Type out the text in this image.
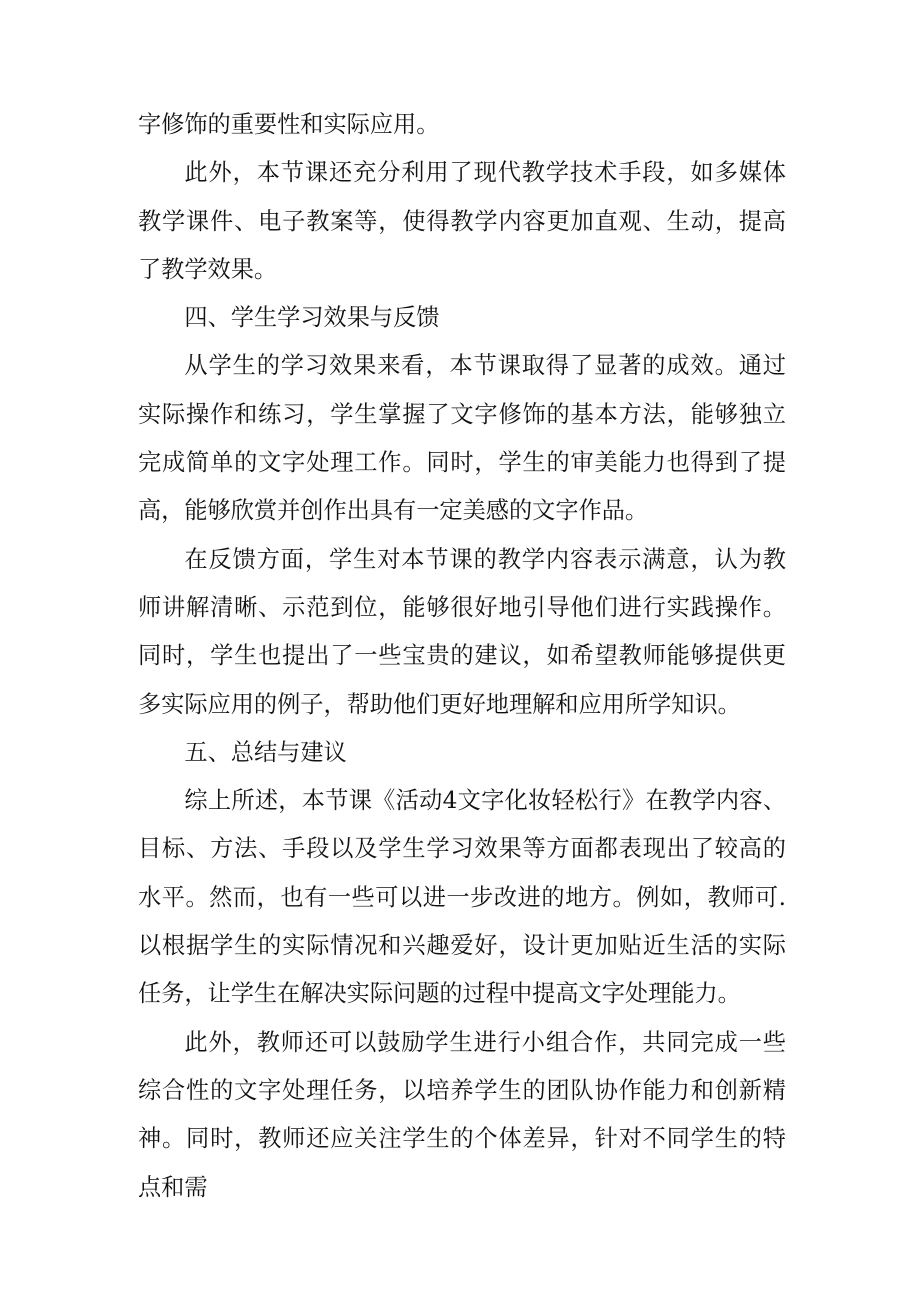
字修饰的重要性和实际应用。

此外，本节课还充分利用了现代教学技术手段，如多媒体教学课件、电子教案等，使得教学内容更加直观、生动，提高了教学效果。

四、学生学习效果与反馈

从学生的学习效果来看，本节课取得了显著的成效。通过实际操作和练习，学生掌握了文字修饰的基本方法，能够独立完成简单的文字处理工作。同时，学生的审美能力也得到了提高，能够欣赏并创作出具有一定美感的文字作品。

在反馈方面，学生对本节课的教学内容表示满意，认为教师讲解清晰、示范到位，能够很好地引导他们进行实践操作。同时，学生也提出了一些宝贵的建议，如希望教师能够提供更多实际应用的例子，帮助他们更好地理解和应用所学知识。

五、总结与建议

综上所述，本节课《活动4文字化妆轻松行》在教学内容、目标、方法、手段以及学生学习效果等方面都表现出了较高的水平。然而，也有一些可以进一步改进的地方。例如，教师可.以根据学生的实际情况和兴趣爱好，设计更加贴近生活的实际任务，让学生在解决实际问题的过程中提高文字处理能力。

此外，教师还可以鼓励学生进行小组合作，共同完成一些综合性的文字处理任务，以培养学生的团队协作能力和创新精神。同时，教师还应关注学生的个体差异，针对不同学生的特点和需
